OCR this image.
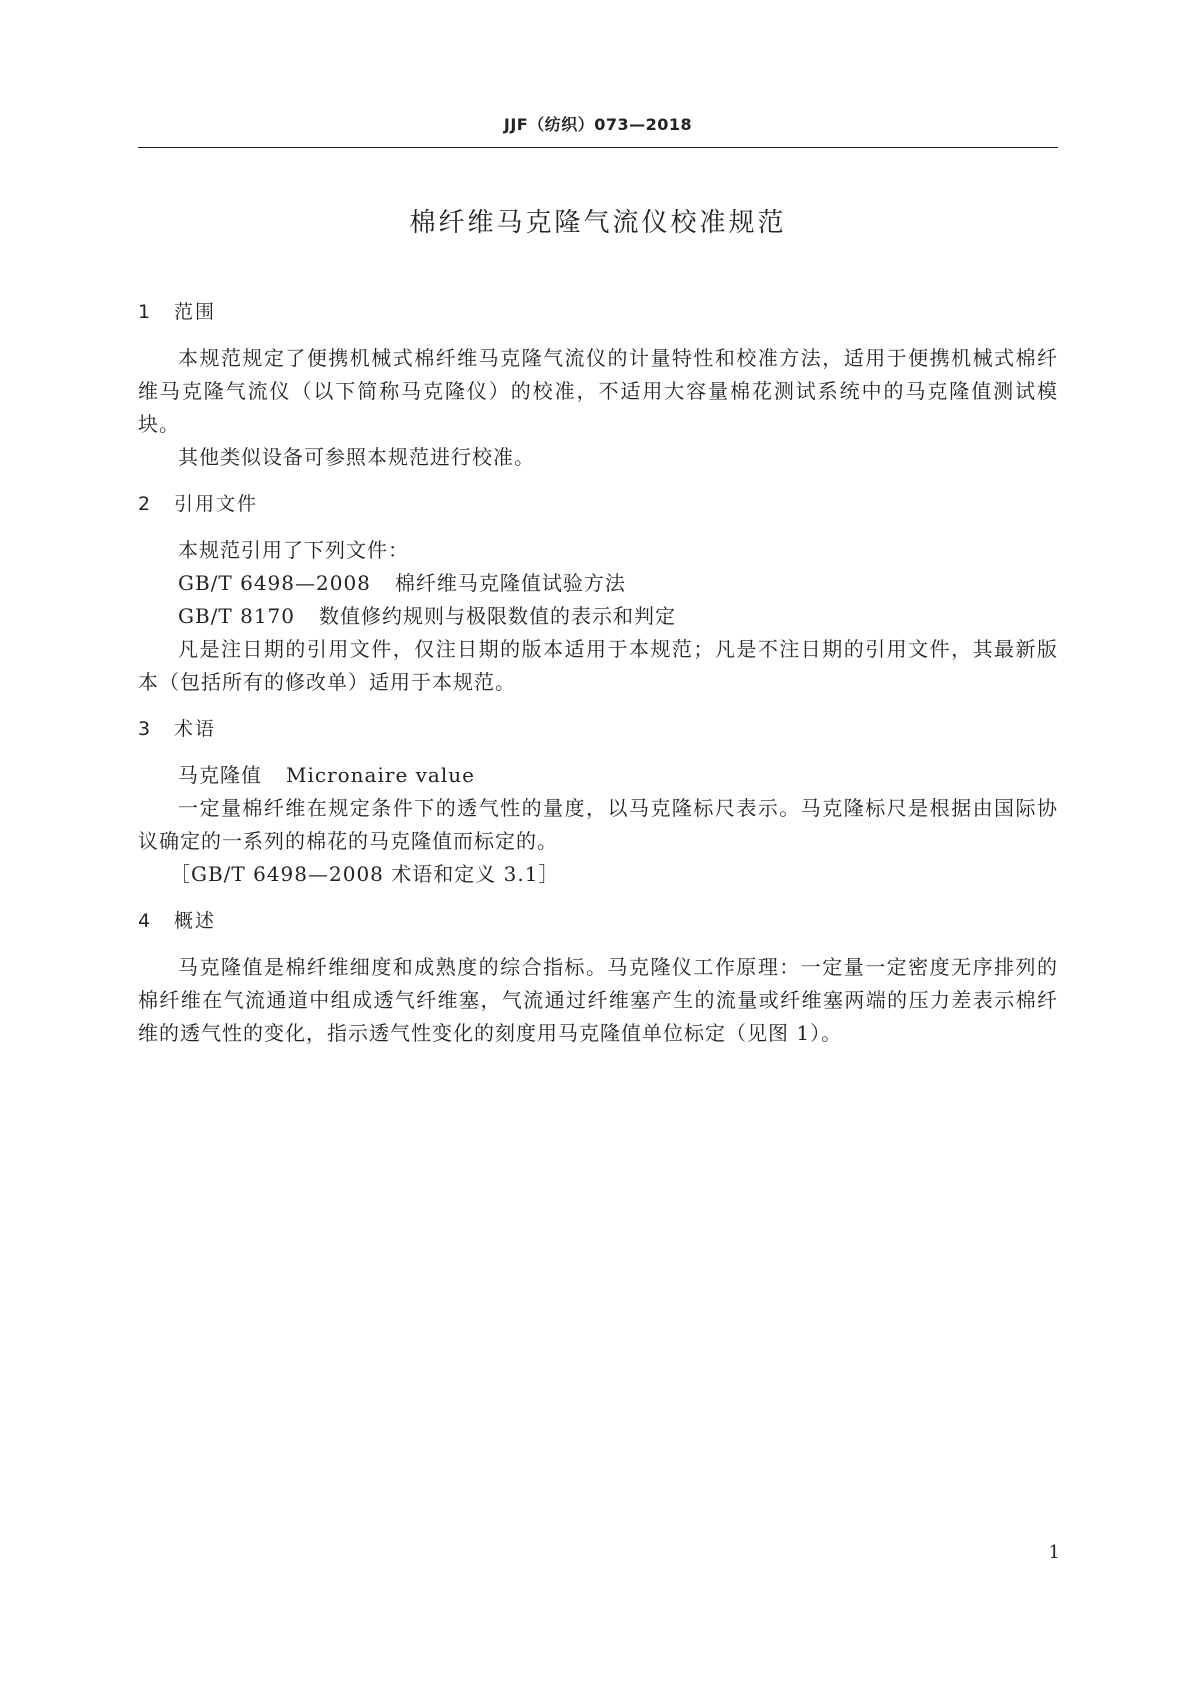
JJF（纺织）073—2018
棉纤维马克隆气流仪校准规范
1 范围

本规范规定了便携机械式棉纤维马克隆气流仪的计量特性和校准方法，适用于便携机械式棉纤维马克隆气流仪（以下简称马克隆仪）的校准，不适用大容量棉花测试系统中的马克隆值测试模块。

其他类似设备可参照本规范进行校准。

2 引用文件

本规范引用了下列文件：

GB/T 6498—2008 棉纤维马克隆值试验方法

GB/T 8170 数值修约规则与极限数值的表示和判定

凡是注日期的引用文件，仅注日期的版本适用于本规范；凡是不注日期的引用文件，其最新版本（包括所有的修改单）适用于本规范。

3 术语

马克隆值 Micronaire value

一定量棉纤维在规定条件下的透气性的量度，以马克隆标尺表示。马克隆标尺是根据由国际协议确定的一系列的棉花的马克隆值而标定的。

［GB/T 6498—2008 术语和定义 3.1］

4 概述

马克隆值是棉纤维细度和成熟度的综合指标。马克隆仪工作原理：一定量一定密度无序排列的棉纤维在气流通道中组成透气纤维塞，气流通过纤维塞产生的流量或纤维塞两端的压力差表示棉纤维的透气性的变化，指示透气性变化的刻度用马克隆值单位标定（见图 1）。

1
